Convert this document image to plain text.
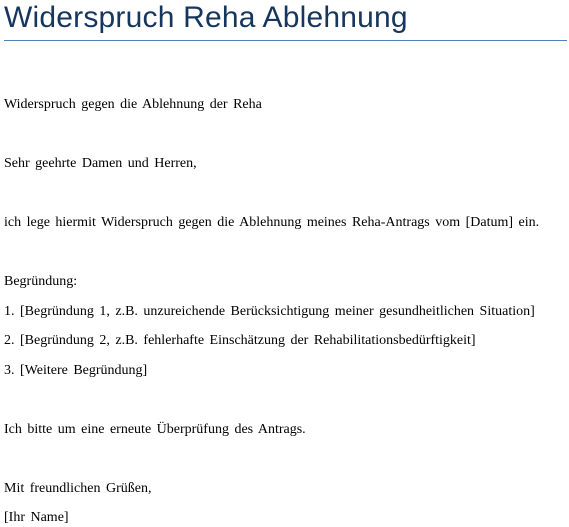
Widerspruch Reha Ablehnung
Widerspruch gegen die Ablehnung der Reha
Sehr geehrte Damen und Herren,
ich lege hiermit Widerspruch gegen die Ablehnung meines Reha-Antrags vom [Datum] ein.
Begründung:
1. [Begründung 1, z.B. unzureichende Berücksichtigung meiner gesundheitlichen Situation]
2. [Begründung 2, z.B. fehlerhafte Einschätzung der Rehabilitationsbedürftigkeit]
3. [Weitere Begründung]
Ich bitte um eine erneute Überprüfung des Antrags.
Mit freundlichen Grüßen,
[Ihr Name]
